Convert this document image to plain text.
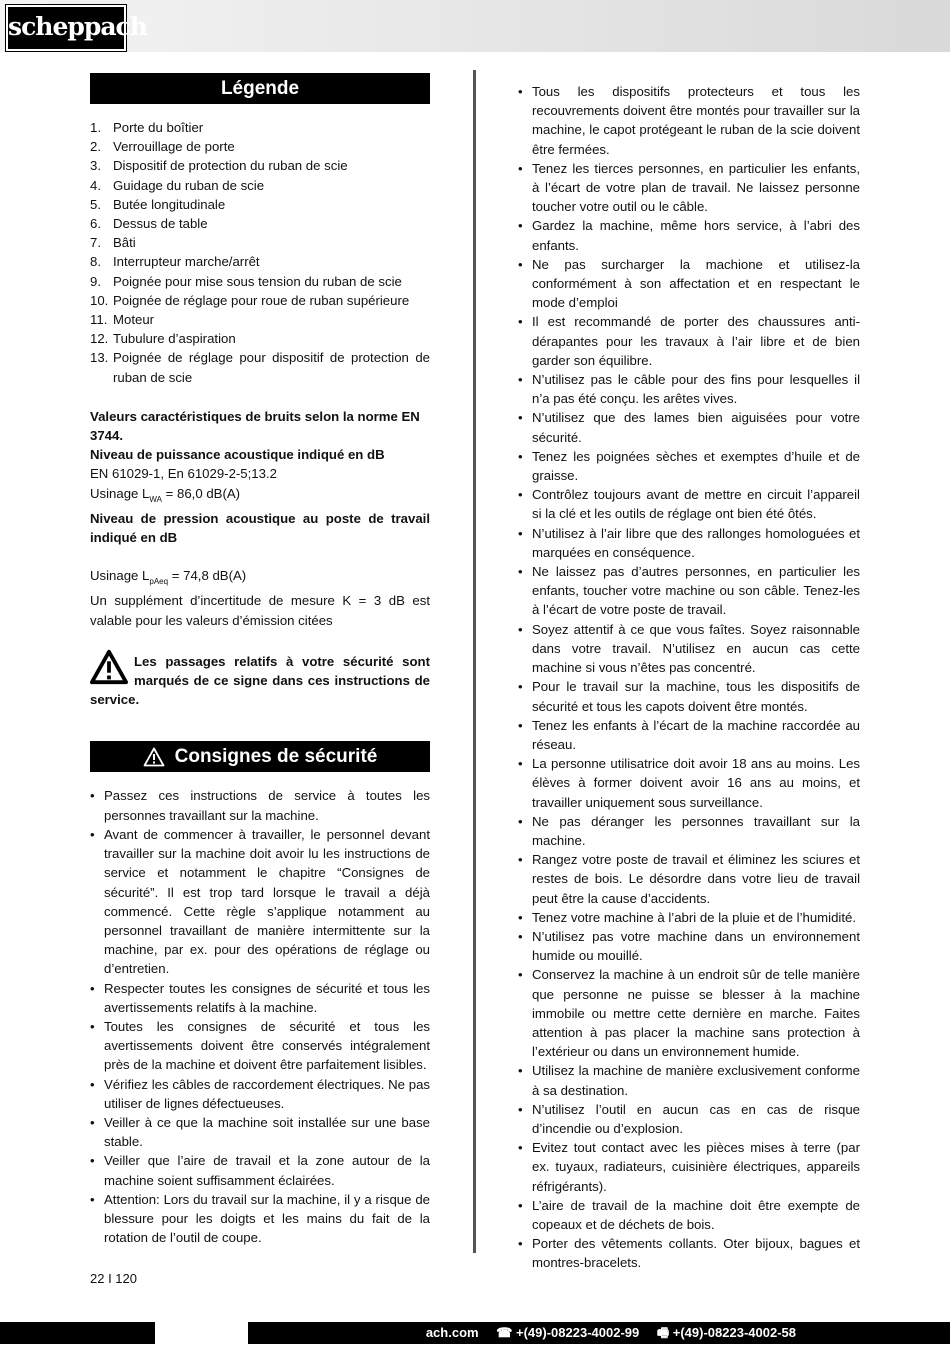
scheppach
Légende
1. Porte du boîtier
2. Verrouillage de porte
3. Dispositif de protection du ruban de scie
4. Guidage du ruban de scie
5. Butée longitudinale
6. Dessus de table
7. Bâti
8. Interrupteur marche/arrêt
9. Poignée pour mise sous tension du ruban de scie
10. Poignée de réglage pour roue de ruban supérieure
11. Moteur
12. Tubulure d’aspiration
13. Poignée de réglage pour dispositif de protection de ruban de scie

Valeurs caractéristiques de bruits selon la norme EN 3744.

Niveau de puissance acoustique indiqué en dB

EN 61029-1, En 61029-2-5;13.2

Usinage $L_{WA} = 86,0$ dB(A)

Niveau de pression acoustique au poste de travail indiqué en dB

Usinage $L_{pAeq} = 74,8$ dB(A)

Un supplément d’incertitude de mesure K = 3 dB est valable pour les valeurs d’émission citées

Les passages relatifs à votre sécurité sont marqués de ce signe dans ces instructions de service.
Consignes de sécurité
• Passez ces instructions de service à toutes les personnes travaillant sur la machine.
• Avant de commencer à travailler, le personnel devant travailler sur la machine doit avoir lu les instructions de service et notamment le chapitre “Consignes de sécurité”. Il est trop tard lorsque le travail a déjà commencé. Cette règle s’applique notamment au personnel travaillant de manière intermittente sur la machine, par ex. pour des opérations de réglage ou d’entretien.
• Respecter toutes les consignes de sécurité et tous les avertissements relatifs à la machine.
• Toutes les consignes de sécurité et tous les avertissements doivent être conservés intégralement près de la machine et doivent être parfaitement lisibles.
• Vérifiez les câbles de raccordement électriques. Ne pas utiliser de lignes défectueuses.
• Veiller à ce que la machine soit installée sur une base stable.
• Veiller que l’aire de travail et la zone autour de la machine soient suffisamment éclairées.
• Attention: Lors du travail sur la machine, il y a risque de blessure pour les doigts et les mains du fait de la rotation de l’outil de coupe.
• Tous les dispositifs protecteurs et tous les recouvrements doivent être montés pour travailler sur la machine, le capot protégeant le ruban de la scie doivent être fermées.
• Tenez les tierces personnes, en particulier les enfants, à l’écart de votre plan de travail. Ne laissez personne toucher votre outil ou le câble.
• Gardez la machine, même hors service, à l’abri des enfants.
• Ne pas surcharger la machione et utilisez-la conformément à son affectation et en respectant le mode d’emploi
• Il est recommandé de porter des chaussures anti-dérapantes pour les travaux à l’air libre et de bien garder son équilibre.
• N’utilisez pas le câble pour des fins pour lesquelles il n’a pas été conçu. les arêtes vives.
• N’utilisez que des lames bien aiguisées pour votre sécurité.
• Tenez les poignées sèches et exemptes d’huile et de graisse.
• Contrôlez toujours avant de mettre en circuit l’appareil si la clé et les outils de réglage ont bien été ôtés.
• N’utilisez à l’air libre que des rallonges homologuées et marquées en conséquence.
• Ne laissez pas d’autres personnes, en particulier les enfants, toucher votre machine ou son câble. Tenez-les à l’écart de votre poste de travail.
• Soyez attentif à ce que vous faîtes. Soyez raisonnable dans votre travail. N’utilisez en aucun cas cette machine si vous n’êtes pas concentré.
• Pour le travail sur la machine, tous les dispositifs de sécurité et tous les capots doivent être montés.
• Tenez les enfants à l’écart de la machine raccordée au réseau.
• La personne utilisatrice doit avoir 18 ans au moins. Les élèves à former doivent avoir 16 ans au moins, et travailler uniquement sous surveillance.
• Ne pas déranger les personnes travaillant sur la machine.
• Rangez votre poste de travail et éliminez les sciures et restes de bois. Le désordre dans votre lieu de travail peut être la cause d’accidents.
• Tenez votre machine à l’abri de la pluie et de l’humidité.
• N’utilisez pas votre machine dans un environnement humide ou mouillé.
• Conservez la machine à un endroit sûr de telle manière que personne ne puisse se blesser à la machine immobile ou mettre cette dernière en marche. Faites attention à pas placer la machine sans protection à l’extérieur ou dans un environnement humide.
• Utilisez la machine de manière exclusivement conforme à sa destination.
• N’utilisez l’outil en aucun cas en cas de risque d’incendie ou d’explosion.
• Evitez tout contact avec les pièces mises à terre (par ex. tuyaux, radiateurs, cuisinière électriques, appareils réfrigérants).
• L’aire de travail de la machine doit être exempte de copeaux et de déchets de bois.
• Porter des vêtements collants. Oter bijoux, bagues et montres-bracelets.
22 I 120
ach.com ☎ +(49)-08223-4002-99 🖷 +(49)-08223-4002-58
